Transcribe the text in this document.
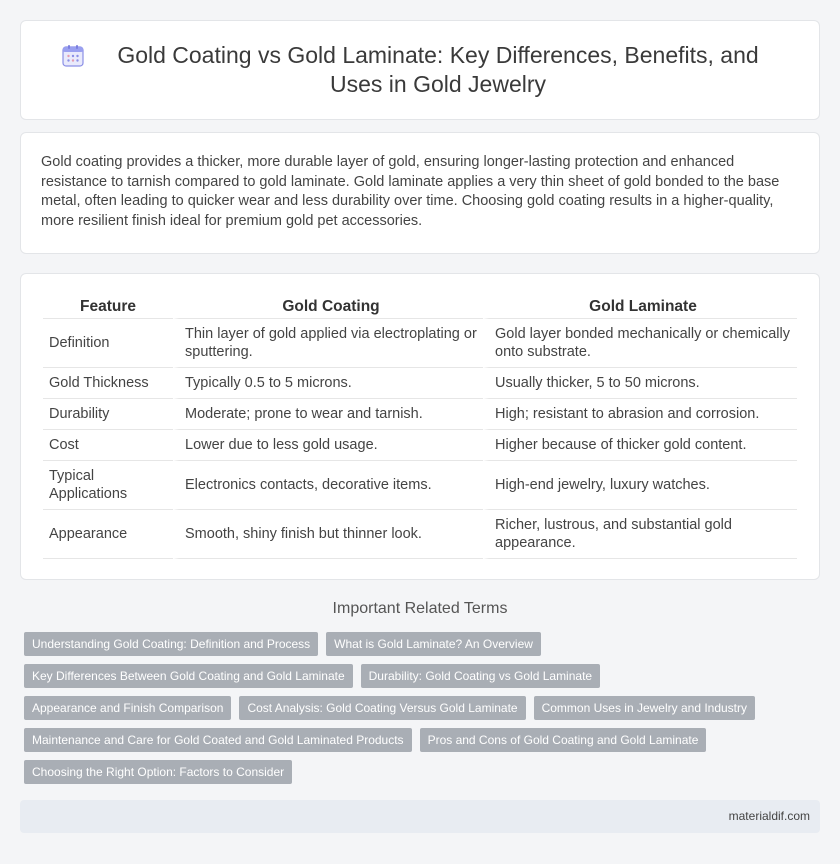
Gold Coating vs Gold Laminate: Key Differences, Benefits, and Uses in Gold Jewelry

Gold coating provides a thicker, more durable layer of gold, ensuring longer-lasting protection and enhanced resistance to tarnish compared to gold laminate. Gold laminate applies a very thin sheet of gold bonded to the base metal, often leading to quicker wear and less durability over time. Choosing gold coating results in a higher-quality, more resilient finish ideal for premium gold pet accessories.

Feature	Gold Coating	Gold Laminate
Definition	Thin layer of gold applied via electroplating or sputtering.	Gold layer bonded mechanically or chemically onto substrate.
Gold Thickness	Typically 0.5 to 5 microns.	Usually thicker, 5 to 50 microns.
Durability	Moderate; prone to wear and tarnish.	High; resistant to abrasion and corrosion.
Cost	Lower due to less gold usage.	Higher because of thicker gold content.
Typical Applications	Electronics contacts, decorative items.	High-end jewelry, luxury watches.
Appearance	Smooth, shiny finish but thinner look.	Richer, lustrous, and substantial gold appearance.
Important Related Terms
Understanding Gold Coating: Definition and Process	What is Gold Laminate? An Overview
Key Differences Between Gold Coating and Gold Laminate	Durability: Gold Coating vs Gold Laminate
Appearance and Finish Comparison	Cost Analysis: Gold Coating Versus Gold Laminate	Common Uses in Jewelry and Industry
Maintenance and Care for Gold Coated and Gold Laminated Products	Pros and Cons of Gold Coating and Gold Laminate
Choosing the Right Option: Factors to Consider
materialdif.com
